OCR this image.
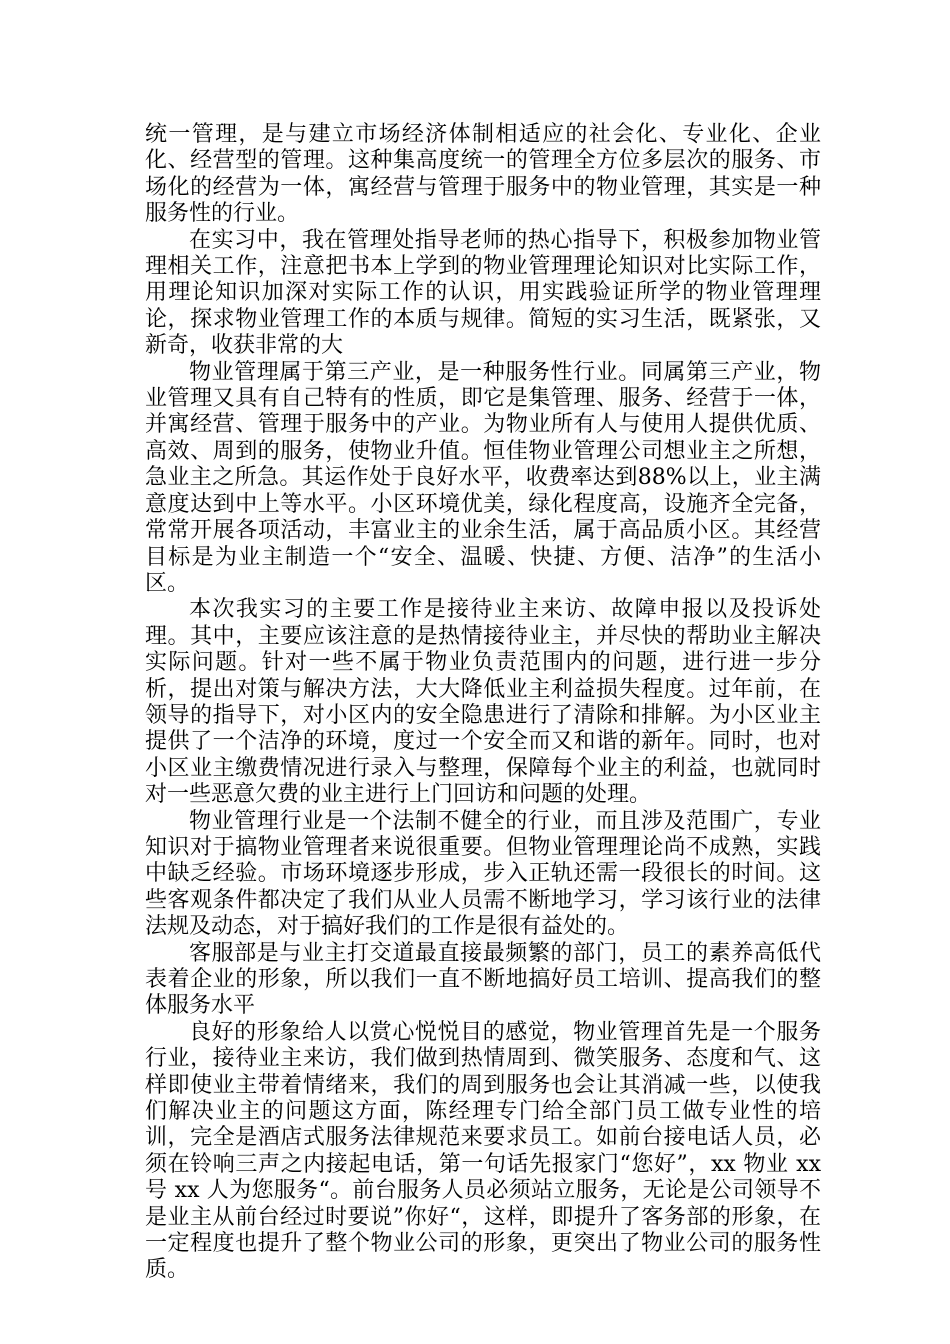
统一管理，是与建立市场经济体制相适应的社会化、专业化、企业化、经营型的管理。这种集高度统一的管理全方位多层次的服务、市场化的经营为一体，寓经营与管理于服务中的物业管理，其实是一种服务性的行业。

在实习中，我在管理处指导老师的热心指导下，积极参加物业管理相关工作，注意把书本上学到的物业管理理论知识对比实际工作，用理论知识加深对实际工作的认识，用实践验证所学的物业管理理论，探求物业管理工作的本质与规律。简短的实习生活，既紧张，又新奇，收获非常的大

物业管理属于第三产业，是一种服务性行业。同属第三产业，物业管理又具有自己特有的性质，即它是集管理、服务、经营于一体，并寓经营、管理于服务中的产业。为物业所有人与使用人提供优质、高效、周到的服务，使物业升值。恒佳物业管理公司想业主之所想，急业主之所急。其运作处于良好水平，收费率达到88%以上，业主满意度达到中上等水平。小区环境优美，绿化程度高，设施齐全完备，常常开展各项活动，丰富业主的业余生活，属于高品质小区。其经营目标是为业主制造一个“安全、温暖、快捷、方便、洁净”的生活小区。

本次我实习的主要工作是接待业主来访、故障申报以及投诉处理。其中，主要应该注意的是热情接待业主，并尽快的帮助业主解决实际问题。针对一些不属于物业负责范围内的问题，进行进一步分析，提出对策与解决方法，大大降低业主利益损失程度。过年前，在领导的指导下，对小区内的安全隐患进行了清除和排解。为小区业主提供了一个洁净的环境，度过一个安全而又和谐的新年。同时，也对小区业主缴费情况进行录入与整理，保障每个业主的利益，也就同时对一些恶意欠费的业主进行上门回访和问题的处理。

物业管理行业是一个法制不健全的行业，而且涉及范围广，专业知识对于搞物业管理者来说很重要。但物业管理理论尚不成熟，实践中缺乏经验。市场环境逐步形成，步入正轨还需一段很长的时间。这些客观条件都决定了我们从业人员需不断地学习，学习该行业的法律法规及动态，对于搞好我们的工作是很有益处的。

客服部是与业主打交道最直接最频繁的部门，员工的素养高低代表着企业的形象，所以我们一直不断地搞好员工培训、提高我们的整体服务水平

良好的形象给人以赏心悦悦目的感觉，物业管理首先是一个服务行业，接待业主来访，我们做到热情周到、微笑服务、态度和气、这样即使业主带着情绪来，我们的周到服务也会让其消减一些，以使我们解决业主的问题这方面，陈经理专门给全部门员工做专业性的培训，完全是酒店式服务法律规范来要求员工。如前台接电话人员，必须在铃响三声之内接起电话，第一句话先报家门“您好”，xx 物业 xx 号 xx 人为您服务“。前台服务人员必须站立服务，无论是公司领导不是业主从前台经过时要说”你好“，这样，即提升了客务部的形象，在一定程度也提升了整个物业公司的形象，更突出了物业公司的服务性质。
